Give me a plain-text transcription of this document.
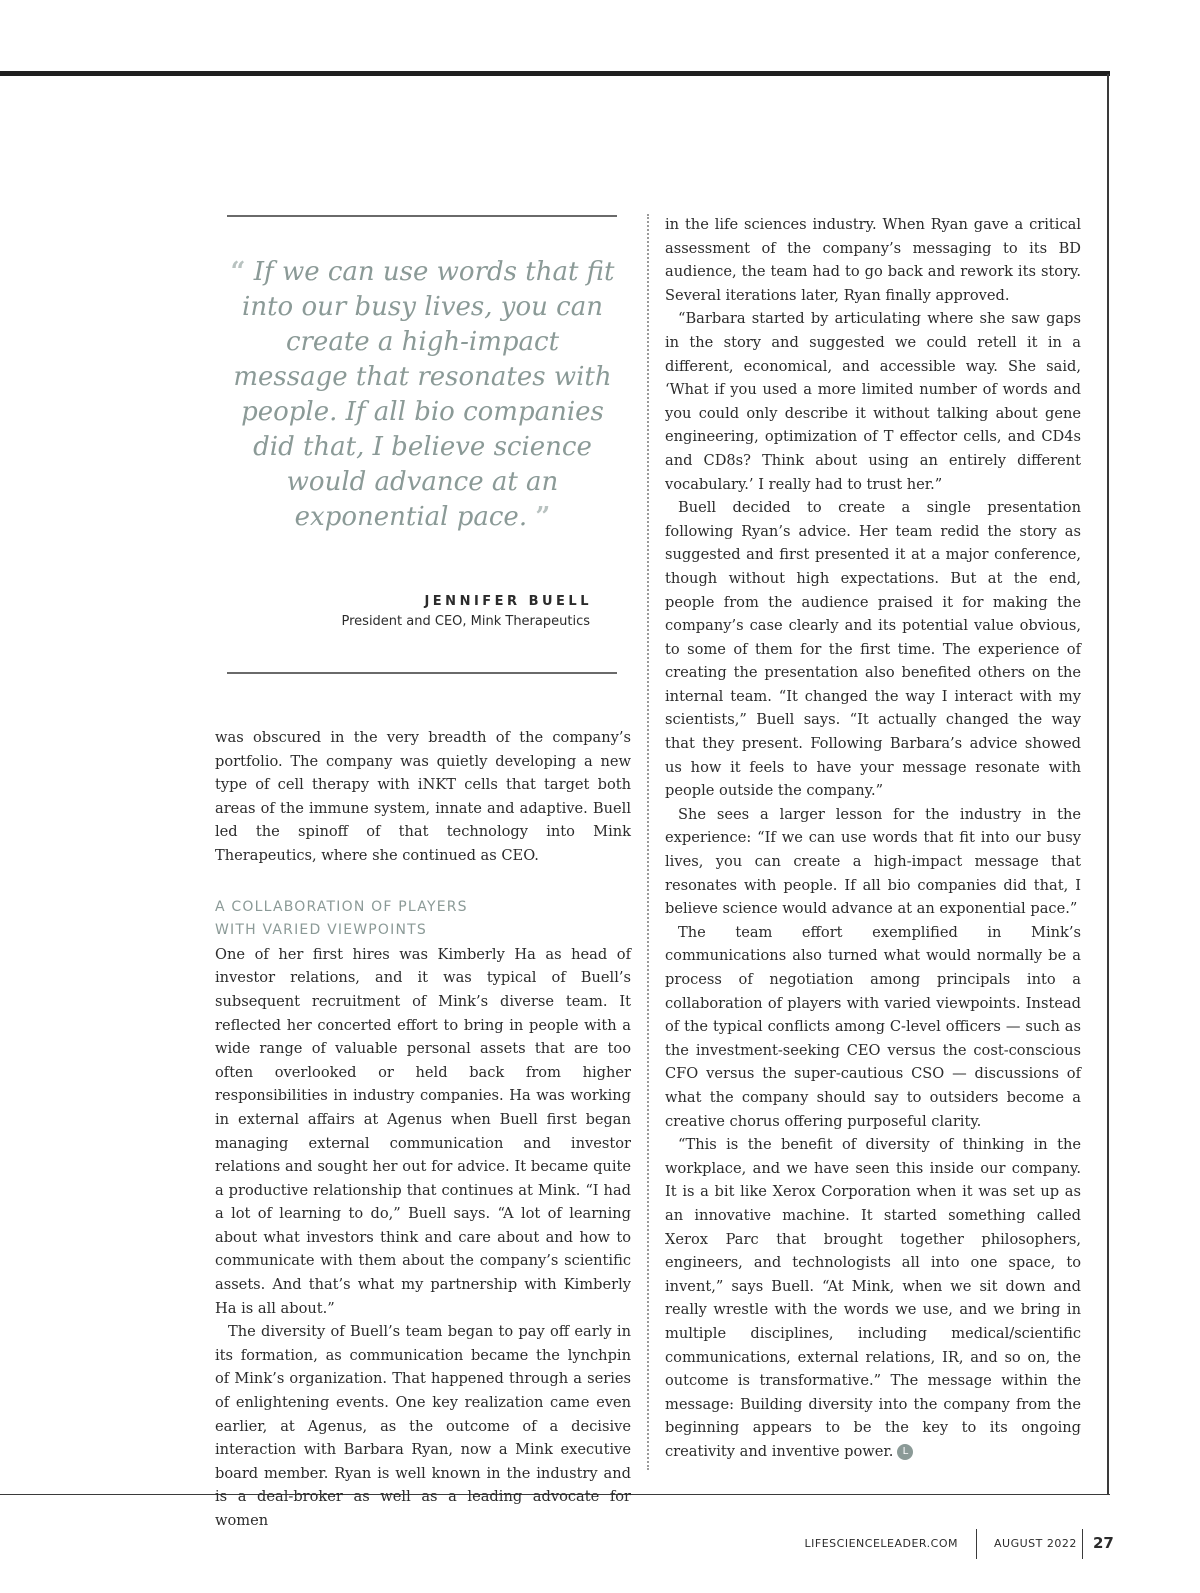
“ If we can use words that fit into our busy lives, you can create a high-impact message that resonates with people. If all bio companies did that, I believe science would advance at an exponential pace. ”
JENNIFER BUELL
President and CEO, Mink Therapeutics

was obscured in the very breadth of the company’s portfolio. The company was quietly developing a new type of cell therapy with iNKT cells that target both areas of the immune system, innate and adaptive. Buell led the spinoff of that technology into Mink Therapeutics, where she continued as CEO.

A COLLABORATION OF PLAYERS
WITH VARIED VIEWPOINTS

One of her first hires was Kimberly Ha as head of investor relations, and it was typical of Buell’s subsequent recruitment of Mink’s diverse team. It reflected her concerted effort to bring in people with a wide range of valuable personal assets that are too often overlooked or held back from higher responsibilities in industry companies. Ha was working in external affairs at Agenus when Buell first began managing external communication and investor relations and sought her out for advice. It became quite a productive relationship that continues at Mink. “I had a lot of learning to do,” Buell says. “A lot of learning about what investors think and care about and how to communicate with them about the company’s scientific assets. And that’s what my partnership with Kimberly Ha is all about.”

The diversity of Buell’s team began to pay off early in its formation, as communication became the lynchpin of Mink’s organization. That happened through a series of enlightening events. One key realization came even earlier, at Agenus, as the outcome of a decisive interaction with Barbara Ryan, now a Mink executive board member. Ryan is well known in the industry and is a deal-broker as well as a leading advocate for women

in the life sciences industry. When Ryan gave a critical assessment of the company’s messaging to its BD audience, the team had to go back and rework its story. Several iterations later, Ryan finally approved.

“Barbara started by articulating where she saw gaps in the story and suggested we could retell it in a different, economical, and accessible way. She said, ‘What if you used a more limited number of words and you could only describe it without talking about gene engineering, optimization of T effector cells, and CD4s and CD8s? Think about using an entirely different vocabulary.’ I really had to trust her.”

Buell decided to create a single presentation following Ryan’s advice. Her team redid the story as suggested and first presented it at a major conference, though without high expectations. But at the end, people from the audience praised it for making the company’s case clearly and its potential value obvious, to some of them for the first time. The experience of creating the presentation also benefited others on the internal team. “It changed the way I interact with my scientists,” Buell says. “It actually changed the way that they present. Following Barbara’s advice showed us how it feels to have your message resonate with people outside the company.”

She sees a larger lesson for the industry in the experience: “If we can use words that fit into our busy lives, you can create a high-impact message that resonates with people. If all bio companies did that, I believe science would advance at an exponential pace.”

The team effort exemplified in Mink’s communications also turned what would normally be a process of negotiation among principals into a collaboration of players with varied viewpoints. Instead of the typical conflicts among C-level officers — such as the investment-seeking CEO versus the cost-conscious CFO versus the super-cautious CSO — discussions of what the company should say to outsiders become a creative chorus offering purposeful clarity.

“This is the benefit of diversity of thinking in the workplace, and we have seen this inside our company. It is a bit like Xerox Corporation when it was set up as an innovative machine. It started something called Xerox Parc that brought together philosophers, engineers, and technologists all into one space, to invent,” says Buell. “At Mink, when we sit down and really wrestle with the words we use, and we bring in multiple disciplines, including medical/scientific communications, external relations, IR, and so on, the outcome is transformative.” The message within the message: Building diversity into the company from the beginning appears to be the key to its ongoing creativity and inventive power. L

LIFESCIENCELEADER.COM	AUGUST 2022 27
